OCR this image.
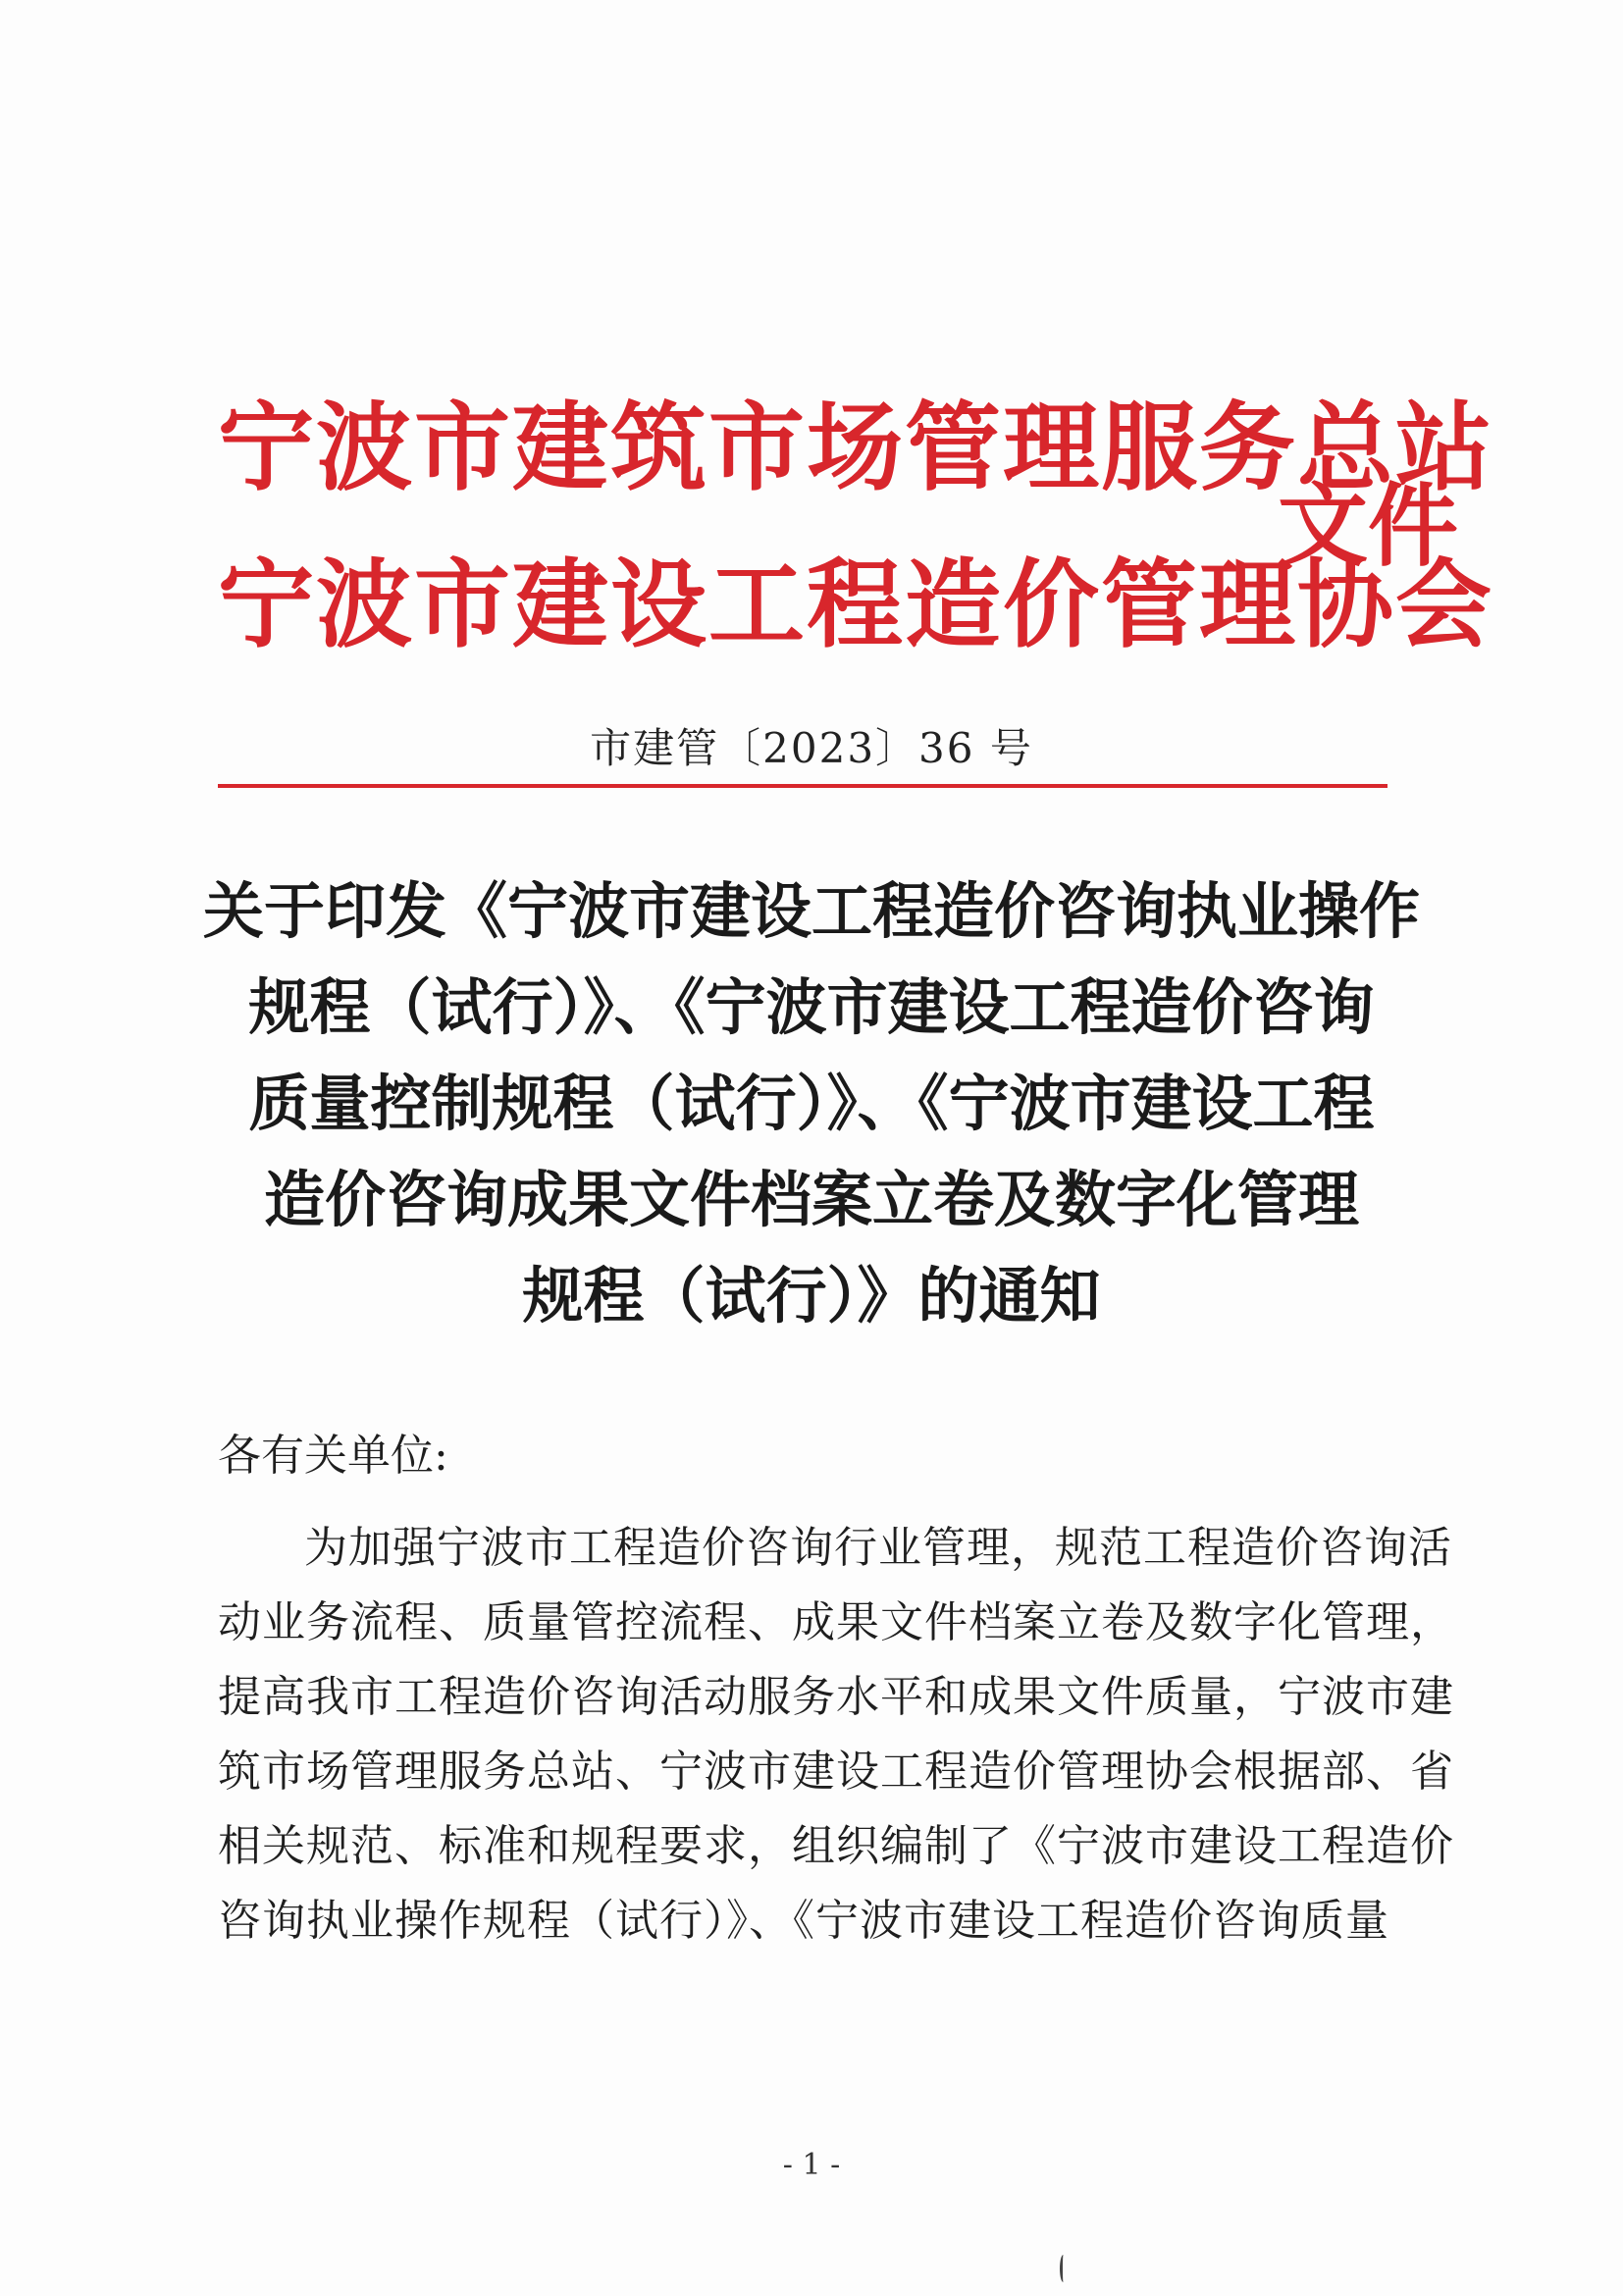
宁波市建筑市场管理服务总站
宁波市建设工程造价管理协会
文件
市建管〔2023〕36 号
关于印发《宁波市建设工程造价咨询执业操作
规程（试行）》、《宁波市建设工程造价咨询
质量控制规程（试行）》、《宁波市建设工程
造价咨询成果文件档案立卷及数字化管理
规程（试行）》的通知
各有关单位:
为加强宁波市工程造价咨询行业管理，规范工程造价咨询活
动业务流程、质量管控流程、成果文件档案立卷及数字化管理，
提高我市工程造价咨询活动服务水平和成果文件质量，宁波市建
筑市场管理服务总站、宁波市建设工程造价管理协会根据部、省
相关规范、标准和规程要求，组织编制了《宁波市建设工程造价
咨询执业操作规程（试行）》、《宁波市建设工程造价咨询质量
- 1 -
